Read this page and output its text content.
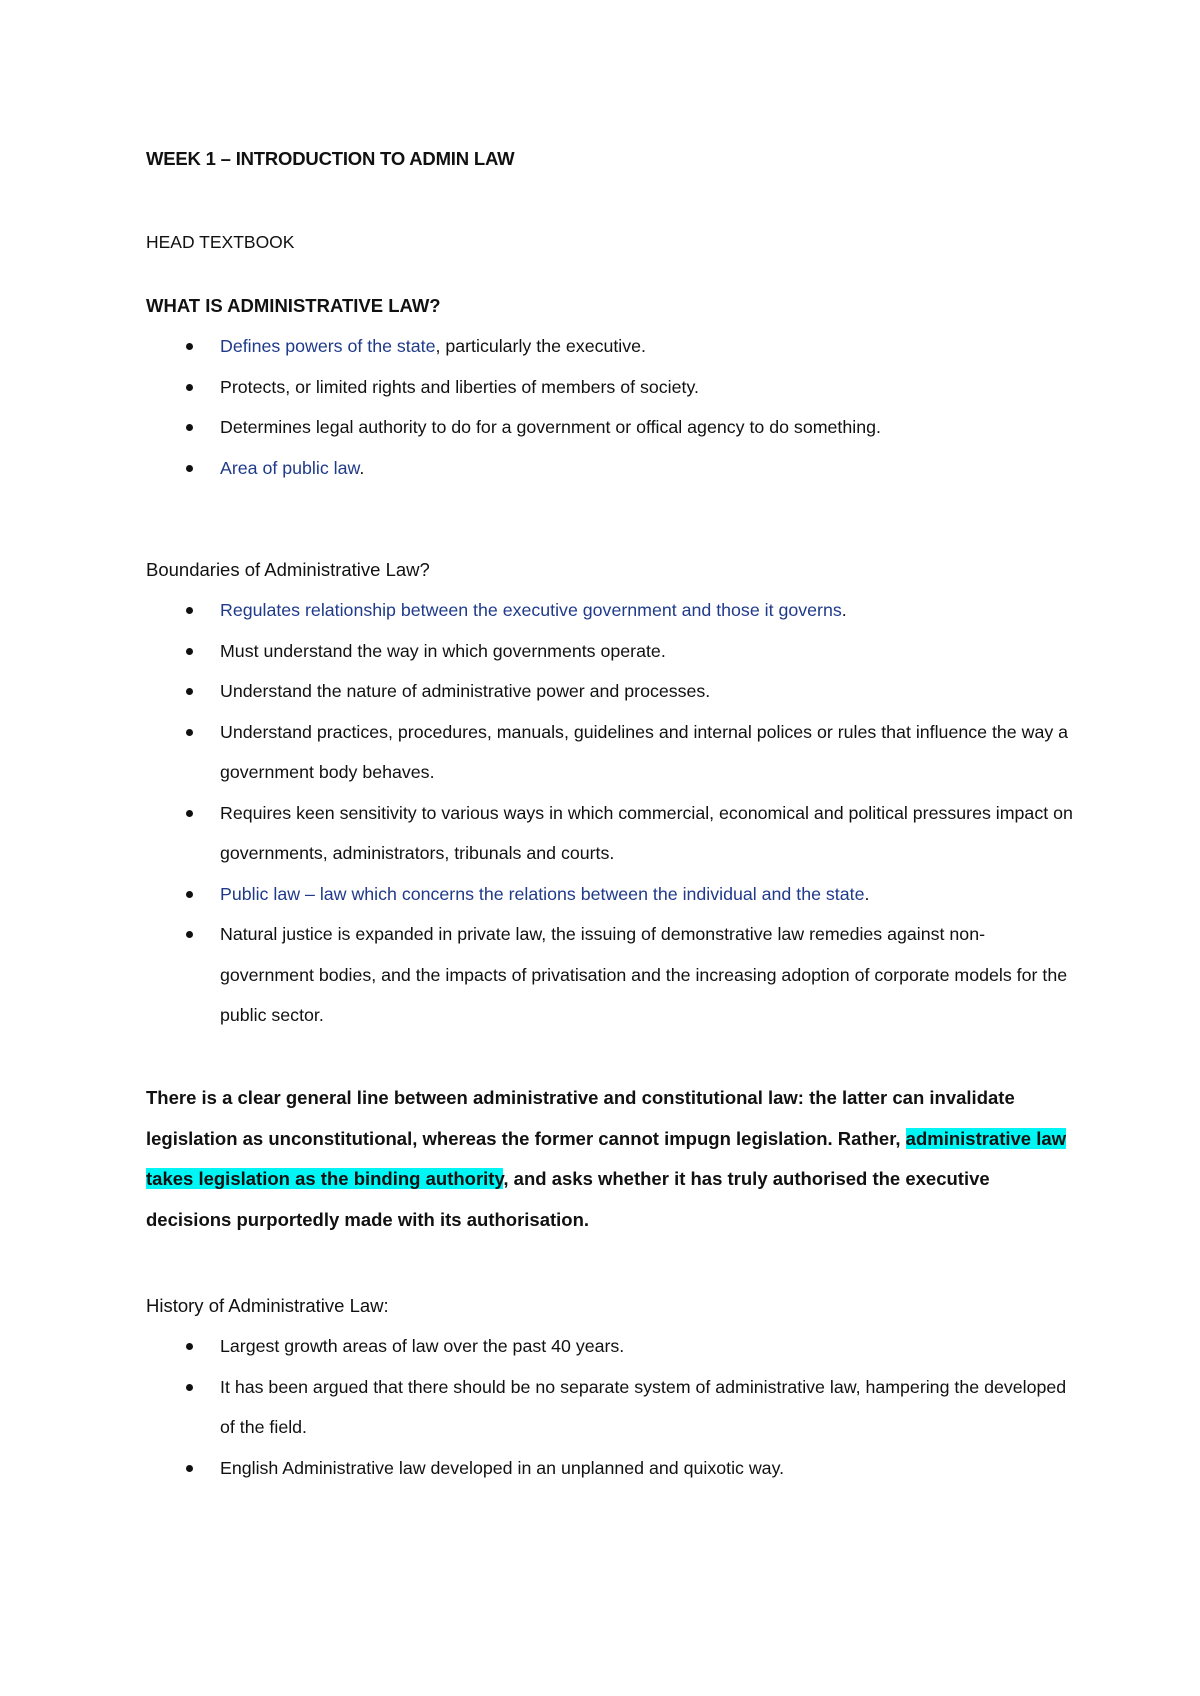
WEEK 1 – INTRODUCTION TO ADMIN LAW
HEAD TEXTBOOK
WHAT IS ADMINISTRATIVE LAW?
Defines powers of the state, particularly the executive.
Protects, or limited rights and liberties of members of society.
Determines legal authority to do for a government or offical agency to do something.
Area of public law.
Boundaries of Administrative Law?
Regulates relationship between the executive government and those it governs.
Must understand the way in which governments operate.
Understand the nature of administrative power and processes.
Understand practices, procedures, manuals, guidelines and internal polices or rules that influence the way a government body behaves.
Requires keen sensitivity to various ways in which commercial, economical and political pressures impact on governments, administrators, tribunals and courts.
Public law – law which concerns the relations between the individual and the state.
Natural justice is expanded in private law, the issuing of demonstrative law remedies against non-government bodies, and the impacts of privatisation and the increasing adoption of corporate models for the public sector.
There is a clear general line between administrative and constitutional law: the latter can invalidate legislation as unconstitutional, whereas the former cannot impugn legislation. Rather, administrative law takes legislation as the binding authority, and asks whether it has truly authorised the executive decisions purportedly made with its authorisation.
History of Administrative Law:
Largest growth areas of law over the past 40 years.
It has been argued that there should be no separate system of administrative law, hampering the developed of the field.
English Administrative law developed in an unplanned and quixotic way.
